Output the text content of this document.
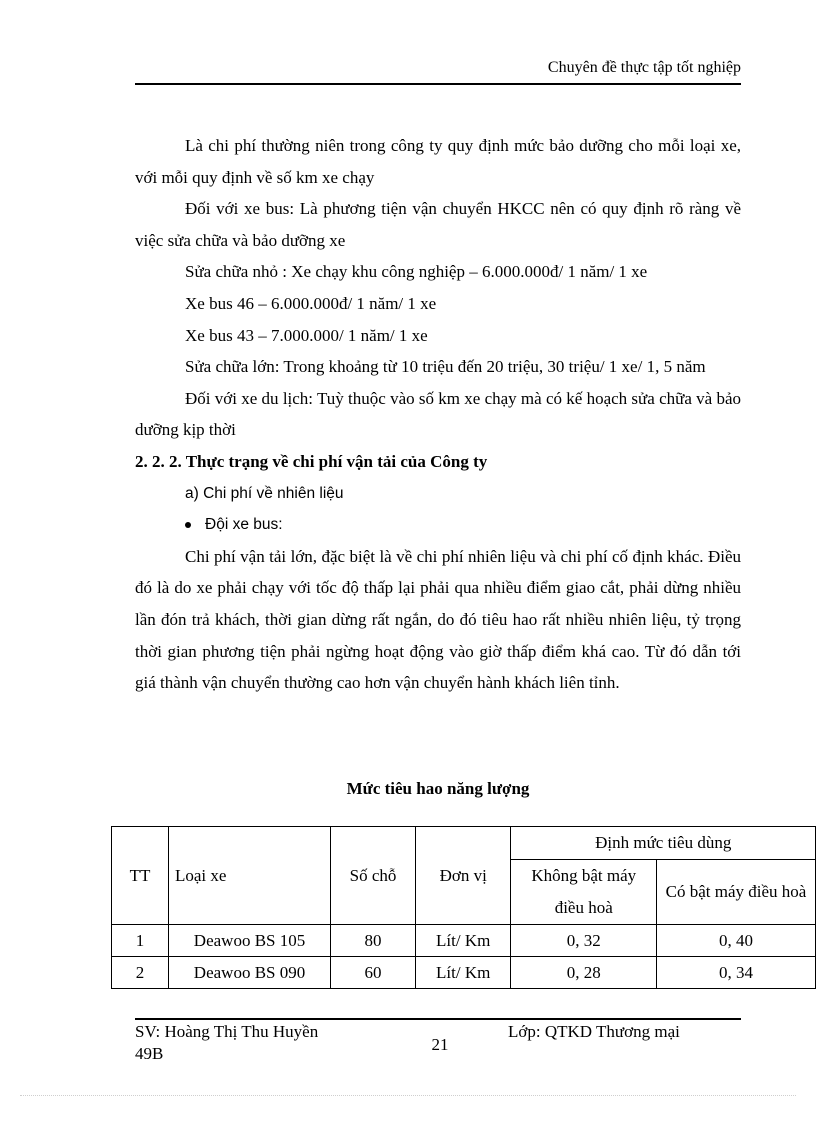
Chuyên đề thực tập tốt nghiệp

Là chi phí thường niên trong công ty quy định mức bảo dưỡng cho mỗi loại xe, với mỗi quy định về số km xe chạy

Đối với xe bus: Là phương tiện vận chuyển HKCC nên có quy định rõ ràng về việc sửa chữa và bảo dưỡng xe

Sửa chữa nhỏ : Xe chạy khu công nghiệp – 6.000.000đ/ 1 năm/ 1 xe

Xe bus 46 – 6.000.000đ/ 1 năm/ 1 xe

Xe bus 43 – 7.000.000/ 1 năm/ 1 xe

Sửa chữa lớn: Trong khoảng từ 10 triệu đến 20 triệu, 30 triệu/ 1 xe/ 1, 5 năm

Đối với xe du lịch: Tuỳ thuộc vào số km xe chạy mà có kế hoạch sửa chữa và bảo dưỡng kịp thời

2. 2. 2. Thực trạng về chi phí vận tải của Công ty

a) Chi phí về nhiên liệu

Đội xe bus:

Chi phí vận tải lớn, đặc biệt là về chi phí nhiên liệu và chi phí cố định khác. Điều đó là do xe phải chạy với tốc độ thấp lại phải qua nhiều điểm giao cắt, phải dừng nhiều lần đón trả khách, thời gian dừng rất ngắn, do đó tiêu hao rất nhiều nhiên liệu, tỷ trọng thời gian phương tiện phải ngừng hoạt động vào giờ thấp điểm khá cao. Từ đó dẫn tới giá thành vận chuyển thường cao hơn vận chuyển hành khách liên tỉnh.

Mức tiêu hao năng lượng
TT	Loại xe	Số chỗ	Đơn vị	Định mức tiêu dùng	
				Không bật máy điều hoà	Có bật máy điều hoà
1	Deawoo BS 105	80	Lít/ Km	0, 32	0, 40
2	Deawoo BS 090	60	Lít/ Km	0, 28	0, 34
SV: Hoàng Thị Thu Huyền
49B	21
Lớp: QTKD Thương mại
